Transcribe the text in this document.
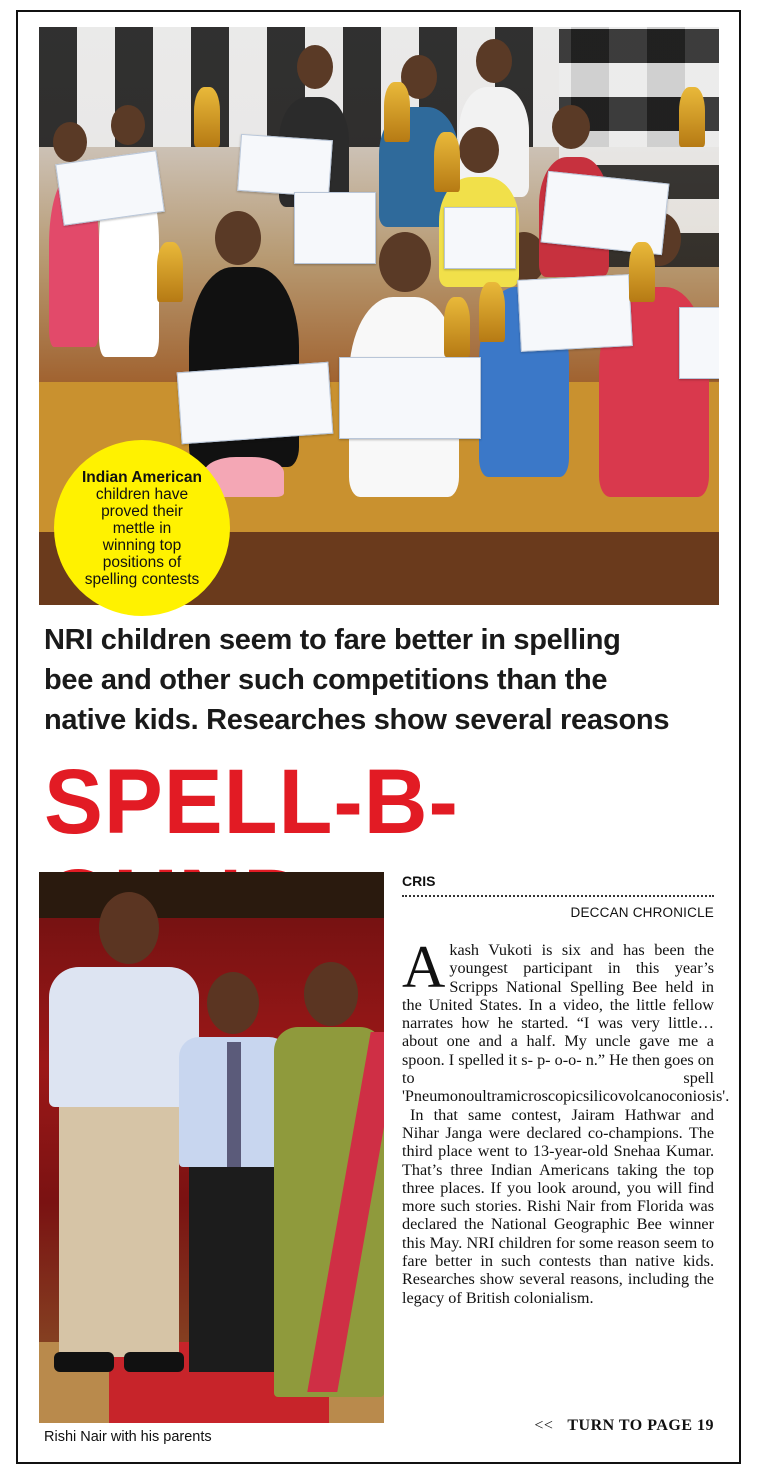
Indian American
children have
proved their
mettle in
winning top
positions of
spelling contests
NRI children seem to fare better in spelling
bee and other such competitions than the
native kids. Researches show several reasons
SPELL-B-
Rishi Nair with his parents
CRIS
DECCAN CHRONICLE

Akash Vukoti is six and has been the youngest participant in this year’s Scripps National Spelling Bee held in the United States. In a video, the little fellow narrates how he started. “I was very little… about one and a half. My uncle gave me a spoon. I spelled it s- p- o-o- n.” He then goes on to spell 'Pneumonoultramicroscopicsilicovolcanoconiosis'.

In that same contest, Jairam Hathwar and Nihar Janga were declared co-champions. The third place went to 13-year-old Snehaa Kumar. That’s three Indian Americans taking the top three places. If you look around, you will find more such stories. Rishi Nair from Florida was declared the National Geographic Bee winner this May. NRI children for some reason seem to fare better in such contests than native kids. Researches show several reasons, including the legacy of British colonialism.

<< TURN TO PAGE 19
